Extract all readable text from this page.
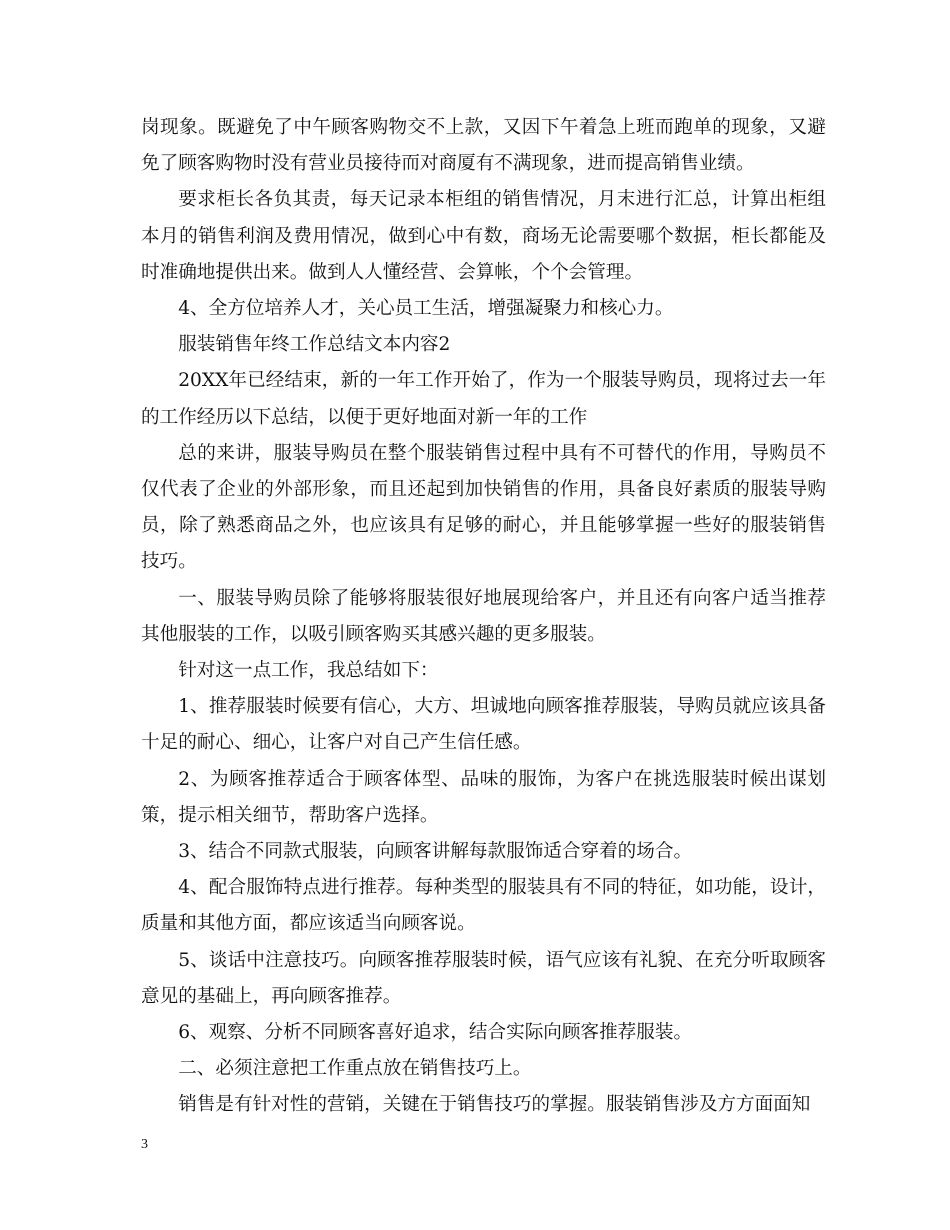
岗现象。既避免了中午顾客购物交不上款，又因下午着急上班而跑单的现象，又避免了顾客购物时没有营业员接待而对商厦有不满现象，进而提高销售业绩。

要求柜长各负其责，每天记录本柜组的销售情况，月末进行汇总，计算出柜组本月的销售利润及费用情况，做到心中有数，商场无论需要哪个数据，柜长都能及时准确地提供出来。做到人人懂经营、会算帐，个个会管理。

4、全方位培养人才，关心员工生活，增强凝聚力和核心力。

服装销售年终工作总结文本内容2

20XX年已经结束，新的一年工作开始了，作为一个服装导购员，现将过去一年的工作经历以下总结，以便于更好地面对新一年的工作

总的来讲，服装导购员在整个服装销售过程中具有不可替代的作用，导购员不仅代表了企业的外部形象，而且还起到加快销售的作用，具备良好素质的服装导购员，除了熟悉商品之外，也应该具有足够的耐心，并且能够掌握一些好的服装销售技巧。

一、服装导购员除了能够将服装很好地展现给客户，并且还有向客户适当推荐其他服装的工作，以吸引顾客购买其感兴趣的更多服装。

针对这一点工作，我总结如下：

1、推荐服装时候要有信心，大方、坦诚地向顾客推荐服装，导购员就应该具备十足的耐心、细心，让客户对自己产生信任感。

2、为顾客推荐适合于顾客体型、品味的服饰，为客户在挑选服装时候出谋划策，提示相关细节，帮助客户选择。

3、结合不同款式服装，向顾客讲解每款服饰适合穿着的场合。

4、配合服饰特点进行推荐。每种类型的服装具有不同的特征，如功能，设计，质量和其他方面，都应该适当向顾客说。

5、谈话中注意技巧。向顾客推荐服装时候，语气应该有礼貌、在充分听取顾客意见的基础上，再向顾客推荐。

6、观察、分析不同顾客喜好追求，结合实际向顾客推荐服装。

二、必须注意把工作重点放在销售技巧上。

销售是有针对性的营销，关键在于销售技巧的掌握。服装销售涉及方方面面知

3
